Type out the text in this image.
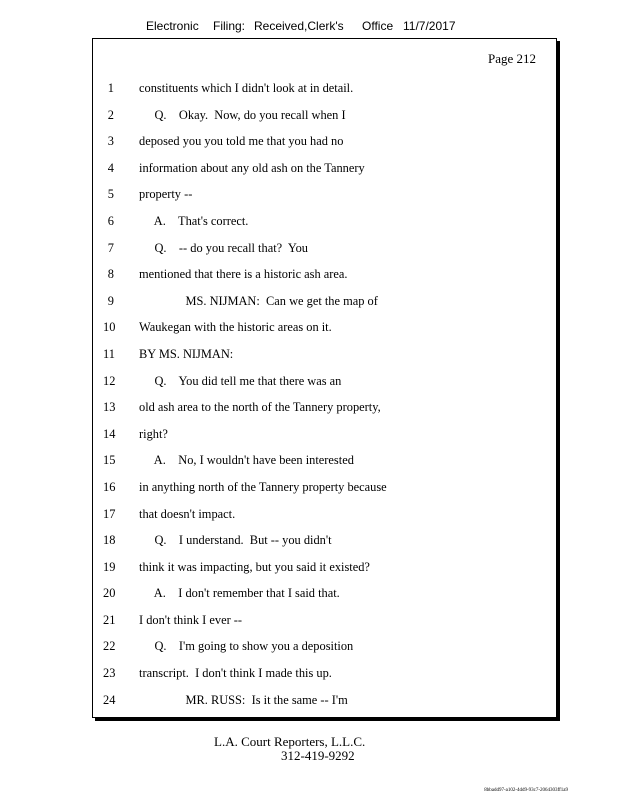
Electronic Filing: Received,Clerk's Office 11/7/2017
Page 212
1 constituents which I didn't look at in detail.
2 Q.    Okay.  Now, do you recall when I
3 deposed you you told me that you had no
4 information about any old ash on the Tannery
5 property --
6 A.    That's correct.
7 Q.    -- do you recall that?  You
8 mentioned that there is a historic ash area.
9 MS. NIJMAN:  Can we get the map of
10 Waukegan with the historic areas on it.
11 BY MS. NIJMAN:
12 Q.    You did tell me that there was an
13 old ash area to the north of the Tannery property,
14 right?
15 A.    No, I wouldn't have been interested
16 in anything north of the Tannery property because
17 that doesn't impact.
18 Q.    I understand.  But -- you didn't
19 think it was impacting, but you said it existed?
20 A.    I don't remember that I said that.
21 I don't think I ever --
22 Q.    I'm going to show you a deposition
23 transcript.  I don't think I made this up.
24 MR. RUSS:  Is it the same -- I'm
L.A. Court Reporters, L.L.C.
312-419-9292
8bbadd97-a102-4dd9-93c7-2064303ff1a9
